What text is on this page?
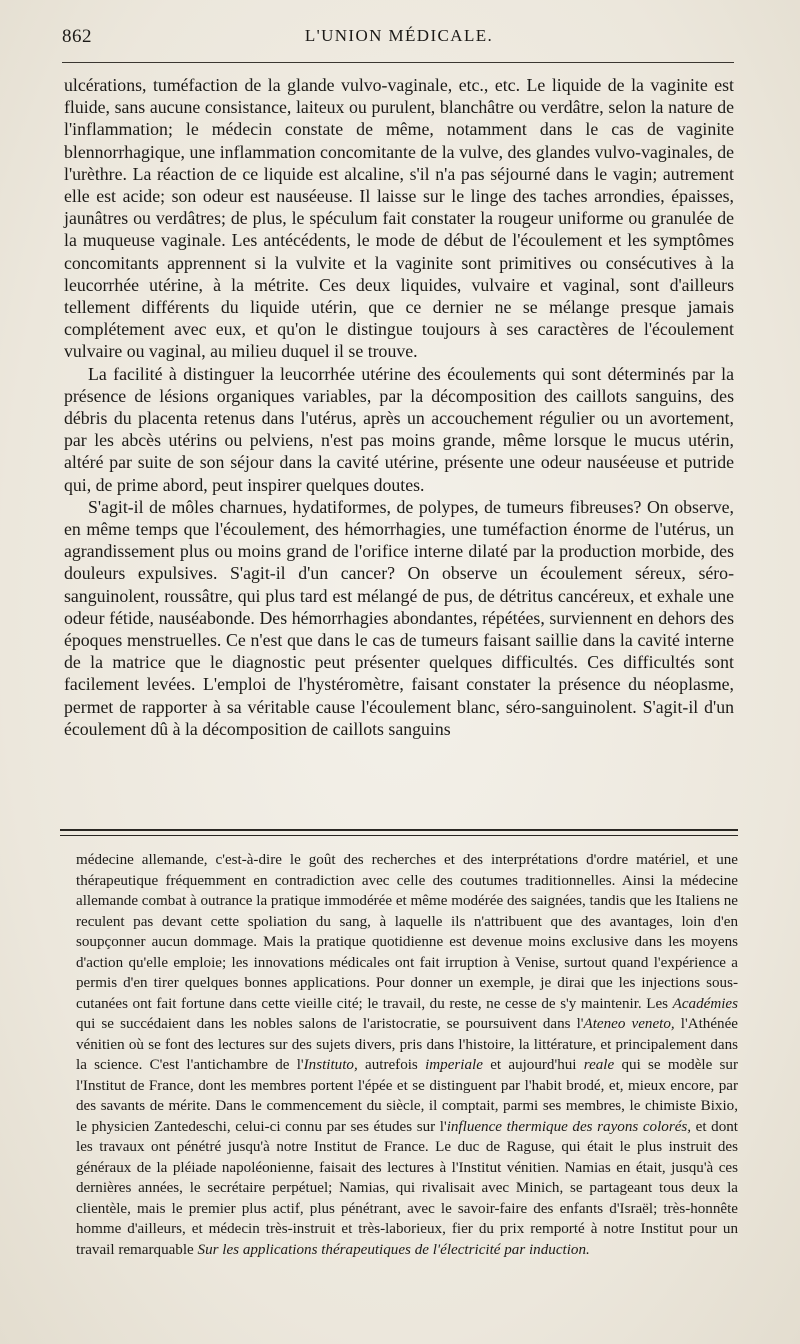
862	L'UNION MÉDICALE.

ulcérations, tuméfaction de la glande vulvo-vaginale, etc., etc. Le liquide de la vaginite est fluide, sans aucune consistance, laiteux ou purulent, blanchâtre ou verdâtre, selon la nature de l'inflammation; le médecin constate de même, notamment dans le cas de vaginite blennorrhagique, une inflammation concomitante de la vulve, des glandes vulvo-vaginales, de l'urèthre. La réaction de ce liquide est alcaline, s'il n'a pas séjourné dans le vagin; autrement elle est acide; son odeur est nauséeuse. Il laisse sur le linge des taches arrondies, épaisses, jaunâtres ou verdâtres; de plus, le spéculum fait constater la rougeur uniforme ou granulée de la muqueuse vaginale. Les antécédents, le mode de début de l'écoulement et les symptômes concomitants apprennent si la vulvite et la vaginite sont primitives ou consécutives à la leucorrhée utérine, à la métrite. Ces deux liquides, vulvaire et vaginal, sont d'ailleurs tellement différents du liquide utérin, que ce dernier ne se mélange presque jamais complétement avec eux, et qu'on le distingue toujours à ses caractères de l'écoulement vulvaire ou vaginal, au milieu duquel il se trouve.

La facilité à distinguer la leucorrhée utérine des écoulements qui sont déterminés par la présence de lésions organiques variables, par la décomposition des caillots sanguins, des débris du placenta retenus dans l'utérus, après un accouchement régulier ou un avortement, par les abcès utérins ou pelviens, n'est pas moins grande, même lorsque le mucus utérin, altéré par suite de son séjour dans la cavité utérine, présente une odeur nauséeuse et putride qui, de prime abord, peut inspirer quelques doutes.

S'agit-il de môles charnues, hydatiformes, de polypes, de tumeurs fibreuses? On observe, en même temps que l'écoulement, des hémorrhagies, une tuméfaction énorme de l'utérus, un agrandissement plus ou moins grand de l'orifice interne dilaté par la production morbide, des douleurs expulsives. S'agit-il d'un cancer? On observe un écoulement séreux, séro-sanguinolent, roussâtre, qui plus tard est mélangé de pus, de détritus cancéreux, et exhale une odeur fétide, nauséabonde. Des hémorrhagies abondantes, répétées, surviennent en dehors des époques menstruelles. Ce n'est que dans le cas de tumeurs faisant saillie dans la cavité interne de la matrice que le diagnostic peut présenter quelques difficultés. Ces difficultés sont facilement levées. L'emploi de l'hystéromètre, faisant constater la présence du néoplasme, permet de rapporter à sa véritable cause l'écoulement blanc, séro-sanguinolent. S'agit-il d'un écoulement dû à la décomposition de caillots sanguins

médecine allemande, c'est-à-dire le goût des recherches et des interprétations d'ordre matériel, et une thérapeutique fréquemment en contradiction avec celle des coutumes traditionnelles. Ainsi la médecine allemande combat à outrance la pratique immodérée et même modérée des saignées, tandis que les Italiens ne reculent pas devant cette spoliation du sang, à laquelle ils n'attribuent que des avantages, loin d'en soupçonner aucun dommage. Mais la pratique quotidienne est devenue moins exclusive dans les moyens d'action qu'elle emploie; les innovations médicales ont fait irruption à Venise, surtout quand l'expérience a permis d'en tirer quelques bonnes applications. Pour donner un exemple, je dirai que les injections sous-cutanées ont fait fortune dans cette vieille cité; le travail, du reste, ne cesse de s'y maintenir. Les Académies qui se succédaient dans les nobles salons de l'aristocratie, se poursuivent dans l'Ateneo veneto, l'Athénée vénitien où se font des lectures sur des sujets divers, pris dans l'histoire, la littérature, et principalement dans la science. C'est l'antichambre de l'Instituto, autrefois imperiale et aujourd'hui reale qui se modèle sur l'Institut de France, dont les membres portent l'épée et se distinguent par l'habit brodé, et, mieux encore, par des savants de mérite. Dans le commencement du siècle, il comptait, parmi ses membres, le chimiste Bixio, le physicien Zantedeschi, celui-ci connu par ses études sur l'influence thermique des rayons colorés, et dont les travaux ont pénétré jusqu'à notre Institut de France. Le duc de Raguse, qui était le plus instruit des généraux de la pléiade napoléonienne, faisait des lectures à l'Institut vénitien. Namias en était, jusqu'à ces dernières années, le secrétaire perpétuel; Namias, qui rivalisait avec Minich, se partageant tous deux la clientèle, mais le premier plus actif, plus pénétrant, avec le savoir-faire des enfants d'Israël; très-honnête homme d'ailleurs, et médecin très-instruit et très-laborieux, fier du prix remporté à notre Institut pour un travail remarquable Sur les applications thérapeutiques de l'électricité par induction.
